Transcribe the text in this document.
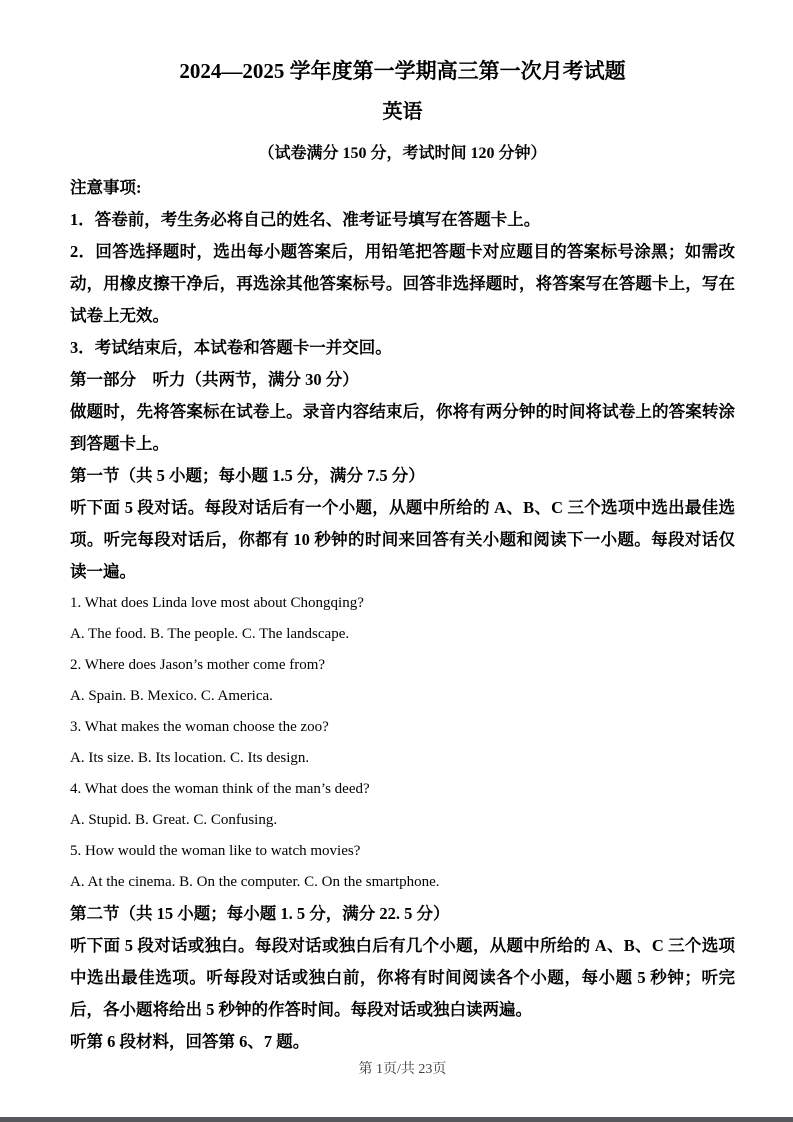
2024—2025 学年度第一学期高三第一次月考试题
英语

（试卷满分 150 分，考试时间 120 分钟）

注意事项:

1．答卷前，考生务必将自己的姓名、准考证号填写在答题卡上。

2．回答选择题时，选出每小题答案后，用铅笔把答题卡对应题目的答案标号涂黑；如需改动，用橡皮擦干净后，再选涂其他答案标号。回答非选择题时，将答案写在答题卡上，写在试卷上无效。

3．考试结束后，本试卷和答题卡一并交回。

第一部分　听力（共两节，满分 30 分）

做题时，先将答案标在试卷上。录音内容结束后，你将有两分钟的时间将试卷上的答案转涂到答题卡上。

第一节（共 5 小题；每小题 1.5 分，满分 7.5 分）

听下面 5 段对话。每段对话后有一个小题，从题中所给的 A、B、C 三个选项中选出最佳选项。听完每段对话后，你都有 10 秒钟的时间来回答有关小题和阅读下一小题。每段对话仅读一遍。

1. What does Linda love most about Chongqing?

A. The food. B. The people. C. The landscape.

2. Where does Jason’s mother come from?

A. Spain. B. Mexico. C. America.

3. What makes the woman choose the zoo?

A. Its size. B. Its location. C. Its design.

4. What does the woman think of the man’s deed?

A. Stupid. B. Great. C. Confusing.

5. How would the woman like to watch movies?

A. At the cinema. B. On the computer. C. On the smartphone.

第二节（共 15 小题；每小题 1. 5 分，满分 22. 5 分）

听下面 5 段对话或独白。每段对话或独白后有几个小题，从题中所给的 A、B、C 三个选项中选出最佳选项。听每段对话或独白前，你将有时间阅读各个小题，每小题 5 秒钟；听完后，各小题将给出 5 秒钟的作答时间。每段对话或独白读两遍。

听第 6 段材料，回答第 6、7 题。

第 1页/共 23页
